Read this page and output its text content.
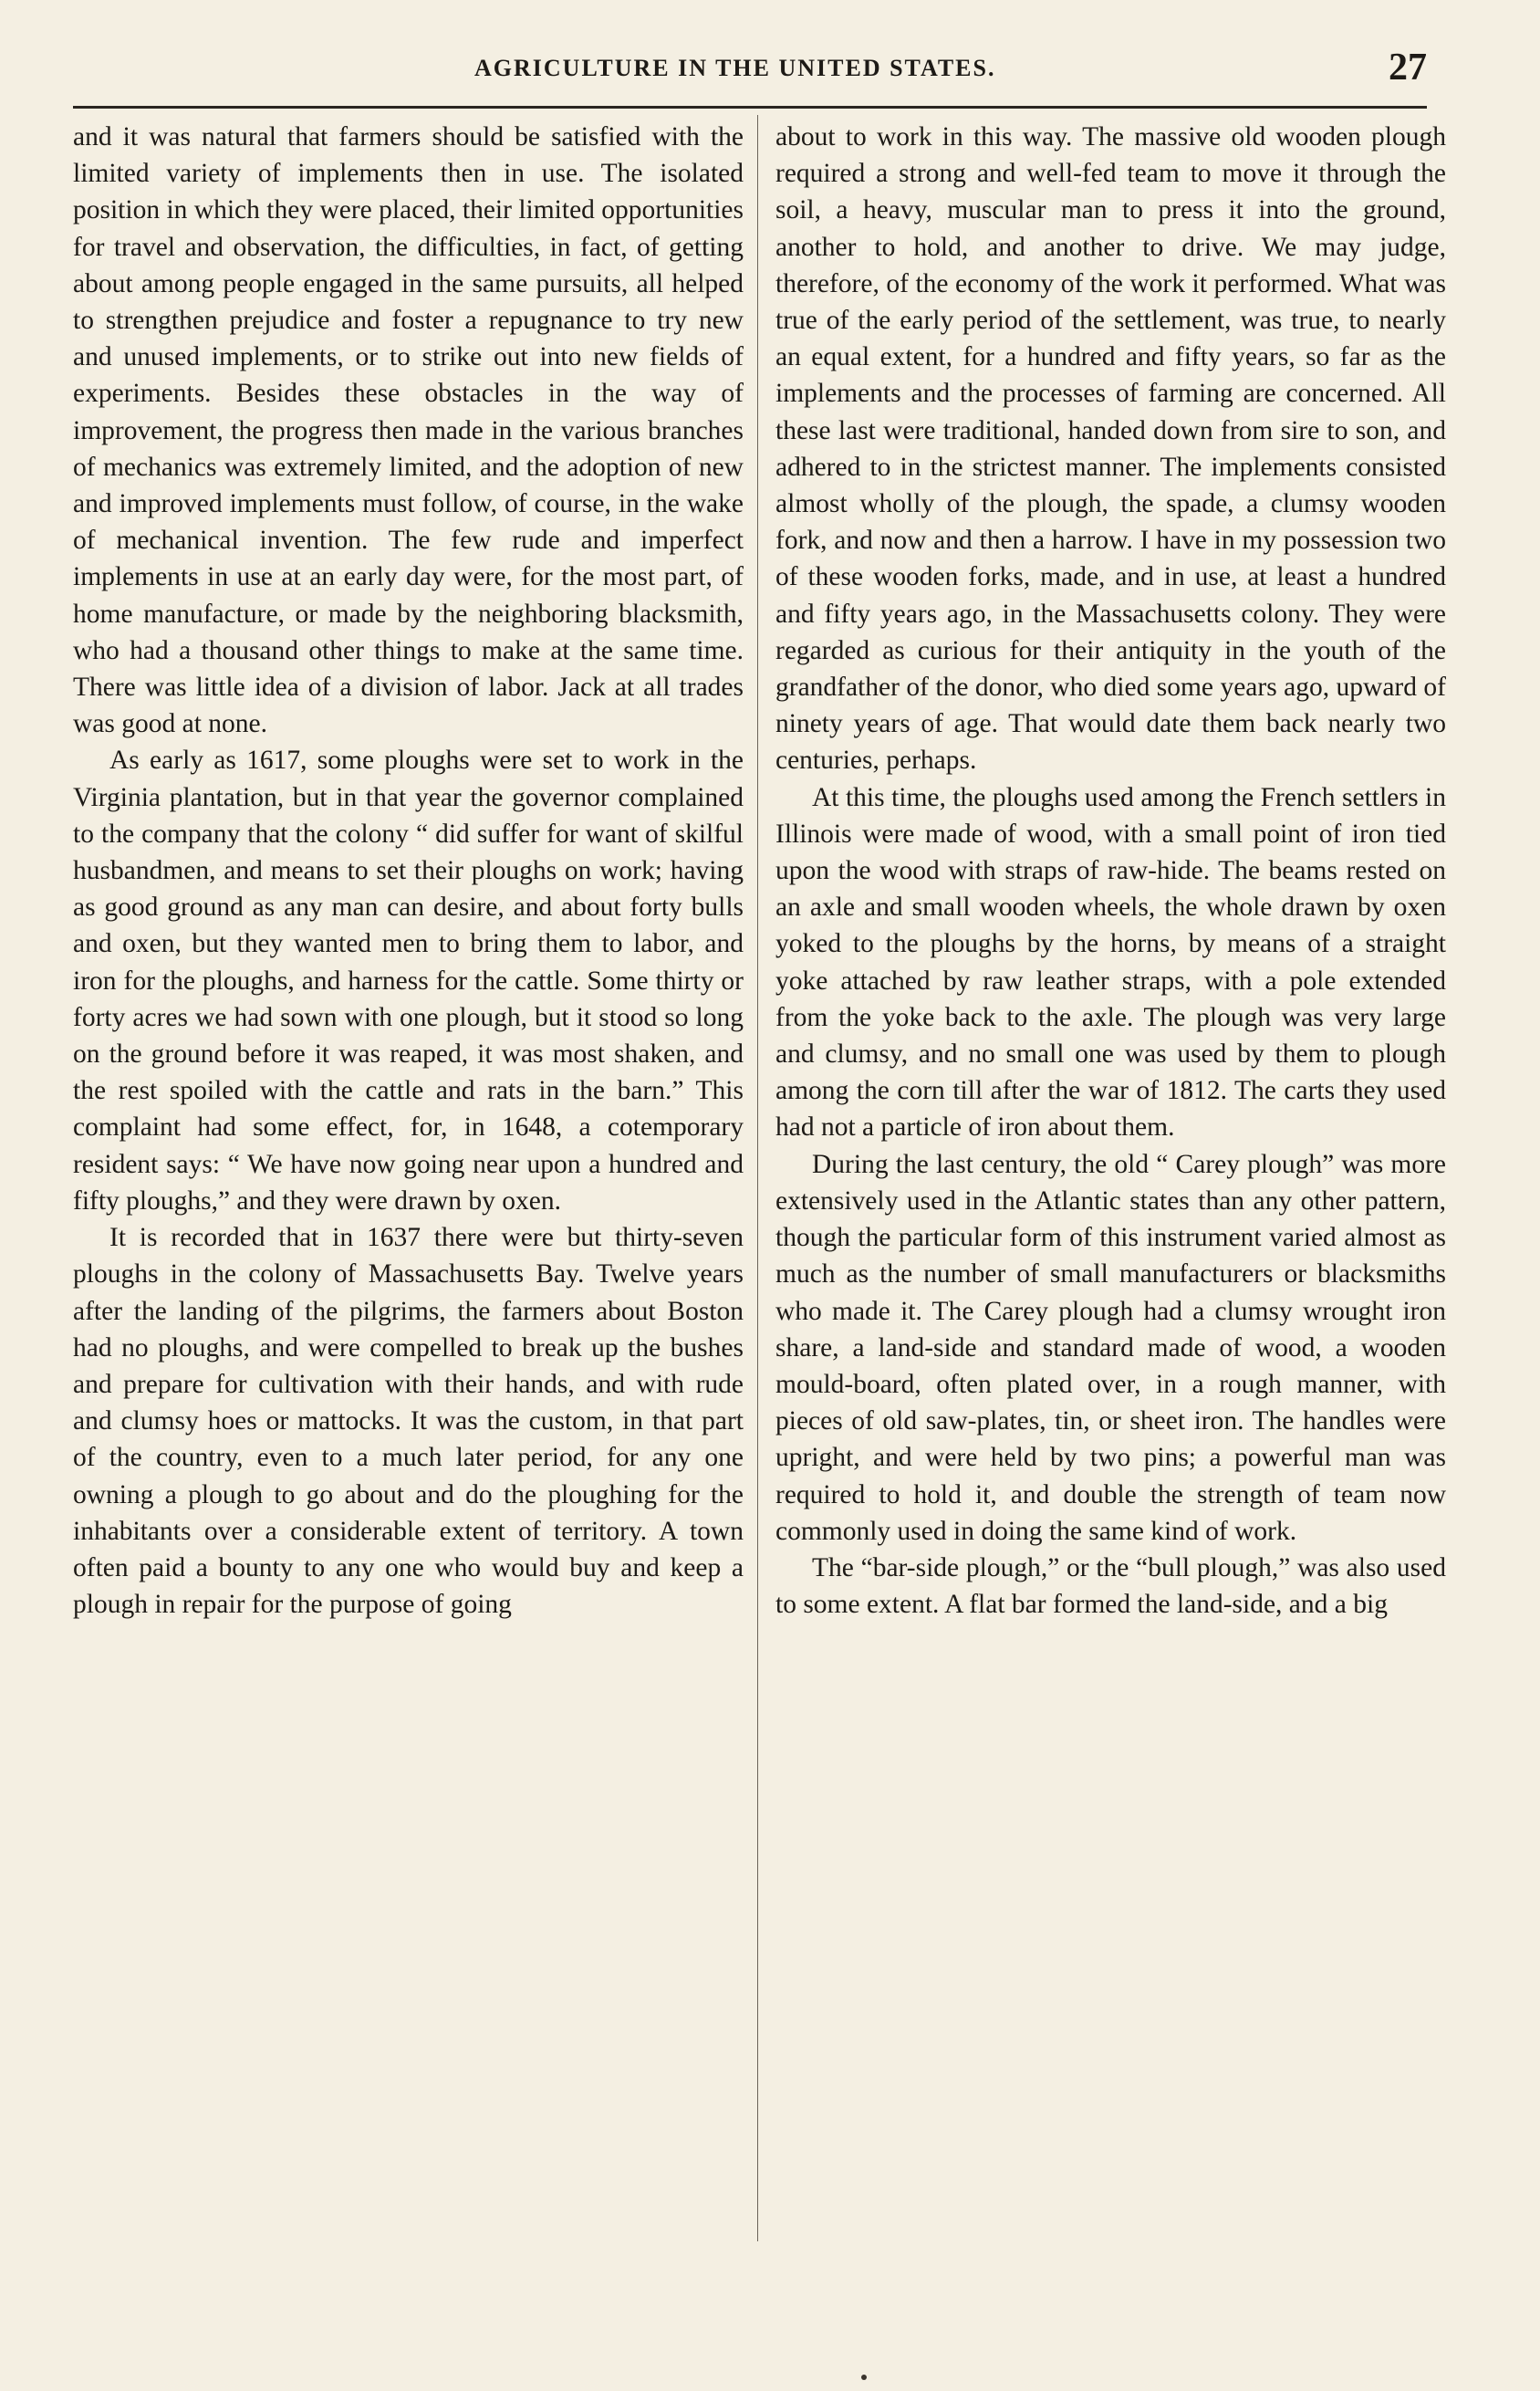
AGRICULTURE IN THE UNITED STATES.	27

and it was natural that farmers should be satisfied with the limited variety of implements then in use. The isolated position in which they were placed, their limited opportunities for travel and observation, the difficulties, in fact, of getting about among people engaged in the same pursuits, all helped to strengthen prejudice and foster a repugnance to try new and unused implements, or to strike out into new fields of experiments. Besides these obstacles in the way of improvement, the progress then made in the various branches of mechanics was extremely limited, and the adoption of new and improved implements must follow, of course, in the wake of mechanical invention. The few rude and imperfect implements in use at an early day were, for the most part, of home manufacture, or made by the neighboring blacksmith, who had a thousand other things to make at the same time. There was little idea of a division of labor. Jack at all trades was good at none.

As early as 1617, some ploughs were set to work in the Virginia plantation, but in that year the governor complained to the company that the colony “ did suffer for want of skilful husbandmen, and means to set their ploughs on work; having as good ground as any man can desire, and about forty bulls and oxen, but they wanted men to bring them to labor, and iron for the ploughs, and harness for the cattle. Some thirty or forty acres we had sown with one plough, but it stood so long on the ground before it was reaped, it was most shaken, and the rest spoiled with the cattle and rats in the barn.” This complaint had some effect, for, in 1648, a cotemporary resident says: “ We have now going near upon a hundred and fifty ploughs,” and they were drawn by oxen.

It is recorded that in 1637 there were but thirty-seven ploughs in the colony of Massachusetts Bay. Twelve years after the landing of the pilgrims, the farmers about Boston had no ploughs, and were compelled to break up the bushes and prepare for cultivation with their hands, and with rude and clumsy hoes or mattocks. It was the custom, in that part of the country, even to a much later period, for any one owning a plough to go about and do the ploughing for the inhabitants over a considerable extent of territory. A town often paid a bounty to any one who would buy and keep a plough in repair for the purpose of going

about to work in this way. The massive old wooden plough required a strong and well-fed team to move it through the soil, a heavy, muscular man to press it into the ground, another to hold, and another to drive. We may judge, therefore, of the economy of the work it performed. What was true of the early period of the settlement, was true, to nearly an equal extent, for a hundred and fifty years, so far as the implements and the processes of farming are concerned. All these last were traditional, handed down from sire to son, and adhered to in the strictest manner. The implements consisted almost wholly of the plough, the spade, a clumsy wooden fork, and now and then a harrow. I have in my possession two of these wooden forks, made, and in use, at least a hundred and fifty years ago, in the Massachusetts colony. They were regarded as curious for their antiquity in the youth of the grandfather of the donor, who died some years ago, upward of ninety years of age. That would date them back nearly two centuries, perhaps.

At this time, the ploughs used among the French settlers in Illinois were made of wood, with a small point of iron tied upon the wood with straps of raw-hide. The beams rested on an axle and small wooden wheels, the whole drawn by oxen yoked to the ploughs by the horns, by means of a straight yoke attached by raw leather straps, with a pole extended from the yoke back to the axle. The plough was very large and clumsy, and no small one was used by them to plough among the corn till after the war of 1812. The carts they used had not a particle of iron about them.

During the last century, the old “ Carey plough” was more extensively used in the Atlantic states than any other pattern, though the particular form of this instrument varied almost as much as the number of small manufacturers or blacksmiths who made it. The Carey plough had a clumsy wrought iron share, a land-side and standard made of wood, a wooden mould-board, often plated over, in a rough manner, with pieces of old saw-plates, tin, or sheet iron. The handles were upright, and were held by two pins; a powerful man was required to hold it, and double the strength of team now commonly used in doing the same kind of work.

The “bar-side plough,” or the “bull plough,” was also used to some extent. A flat bar formed the land-side, and a big
